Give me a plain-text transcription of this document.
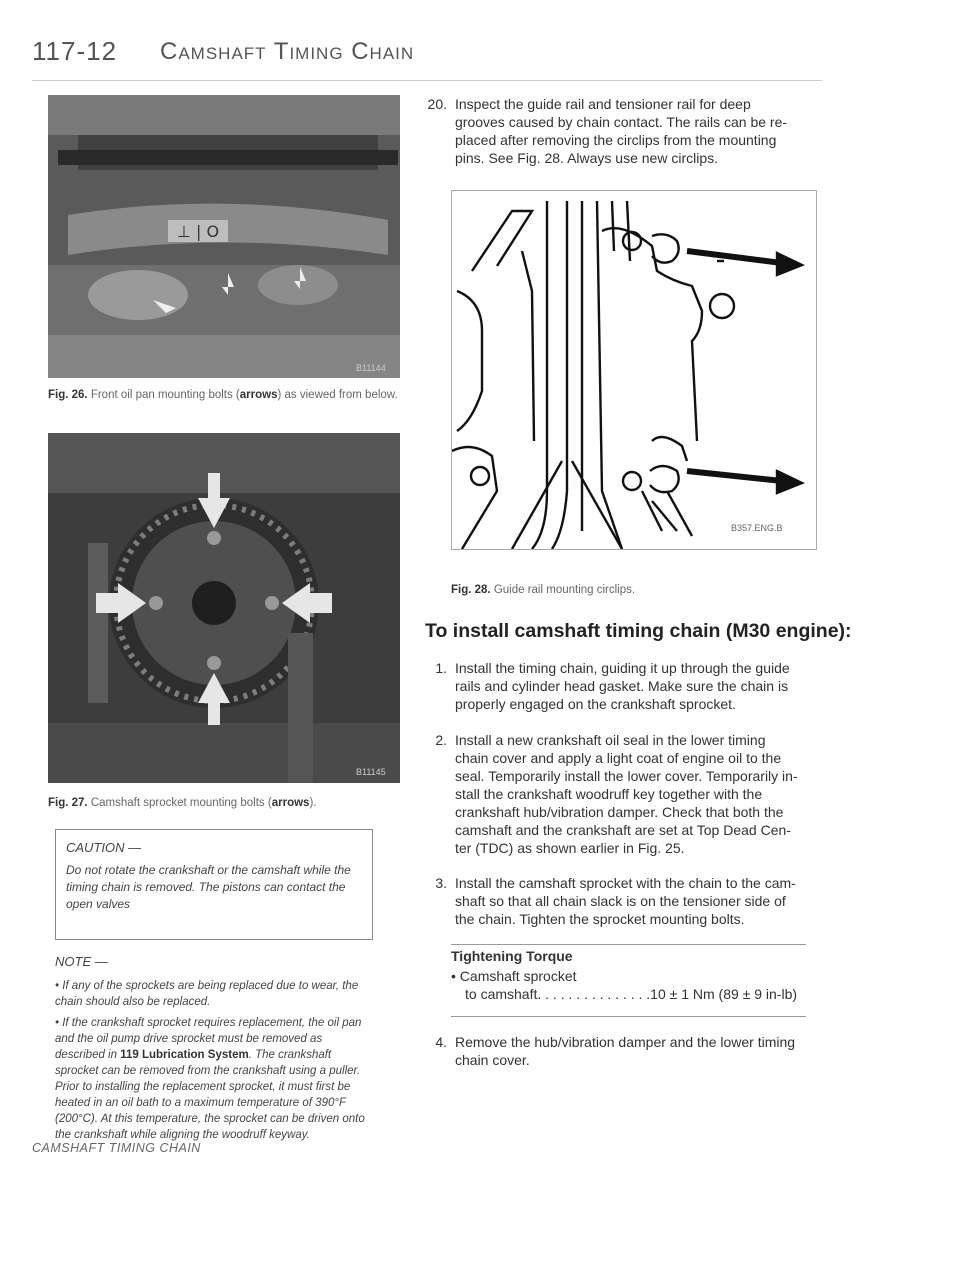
117-12 Camshaft Timing Chain
⊥ | O
B11144
Fig. 26. Front oil pan mounting bolts (arrows) as viewed from below.
B11145
Fig. 27. Camshaft sprocket mounting bolts (arrows).
CAUTION —
Do not rotate the crankshaft or the camshaft while the timing chain is removed. The pistons can contact the open valves
NOTE —
• If any of the sprockets are being replaced due to wear, the chain should also be replaced.
• If the crankshaft sprocket requires replacement, the oil pan and the oil pump drive sprocket must be removed as described in 119 Lubrication System. The crankshaft sprocket can be removed from the crankshaft using a puller. Prior to installing the replacement sprocket, it must first be heated in an oil bath to a maximum temperature of 390°F (200°C). At this temperature, the sprocket can be driven onto the crankshaft while aligning the woodruff keyway.
CAMSHAFT TIMING CHAIN
20. Inspect the guide rail and tensioner rail for deep
grooves caused by chain contact. The rails can be re-
placed after removing the circlips from the mounting
pins. See Fig. 28. Always use new circlips.
B357.ENG.B
Fig. 28. Guide rail mounting circlips.
To install camshaft timing chain (M30 engine):
1. Install the timing chain, guiding it up through the guide
rails and cylinder head gasket. Make sure the chain is
properly engaged on the crankshaft sprocket.
2. Install a new crankshaft oil seal in the lower timing
chain cover and apply a light coat of engine oil to the
seal. Temporarily install the lower cover. Temporarily in-
stall the crankshaft woodruff key together with the
crankshaft hub/vibration damper. Check that both the
camshaft and the crankshaft are set at Top Dead Cen-
ter (TDC) as shown earlier in Fig. 25.
3. Install the camshaft sprocket with the chain to the cam-
shaft so that all chain slack is on the tensioner side of
the chain. Tighten the sprocket mounting bolts.
Tightening Torque
• Camshaft sprocket
to camshaft. . . . . . . . . . . . . . .10 ± 1 Nm (89 ± 9 in-lb)
4. Remove the hub/vibration damper and the lower timing
chain cover.
